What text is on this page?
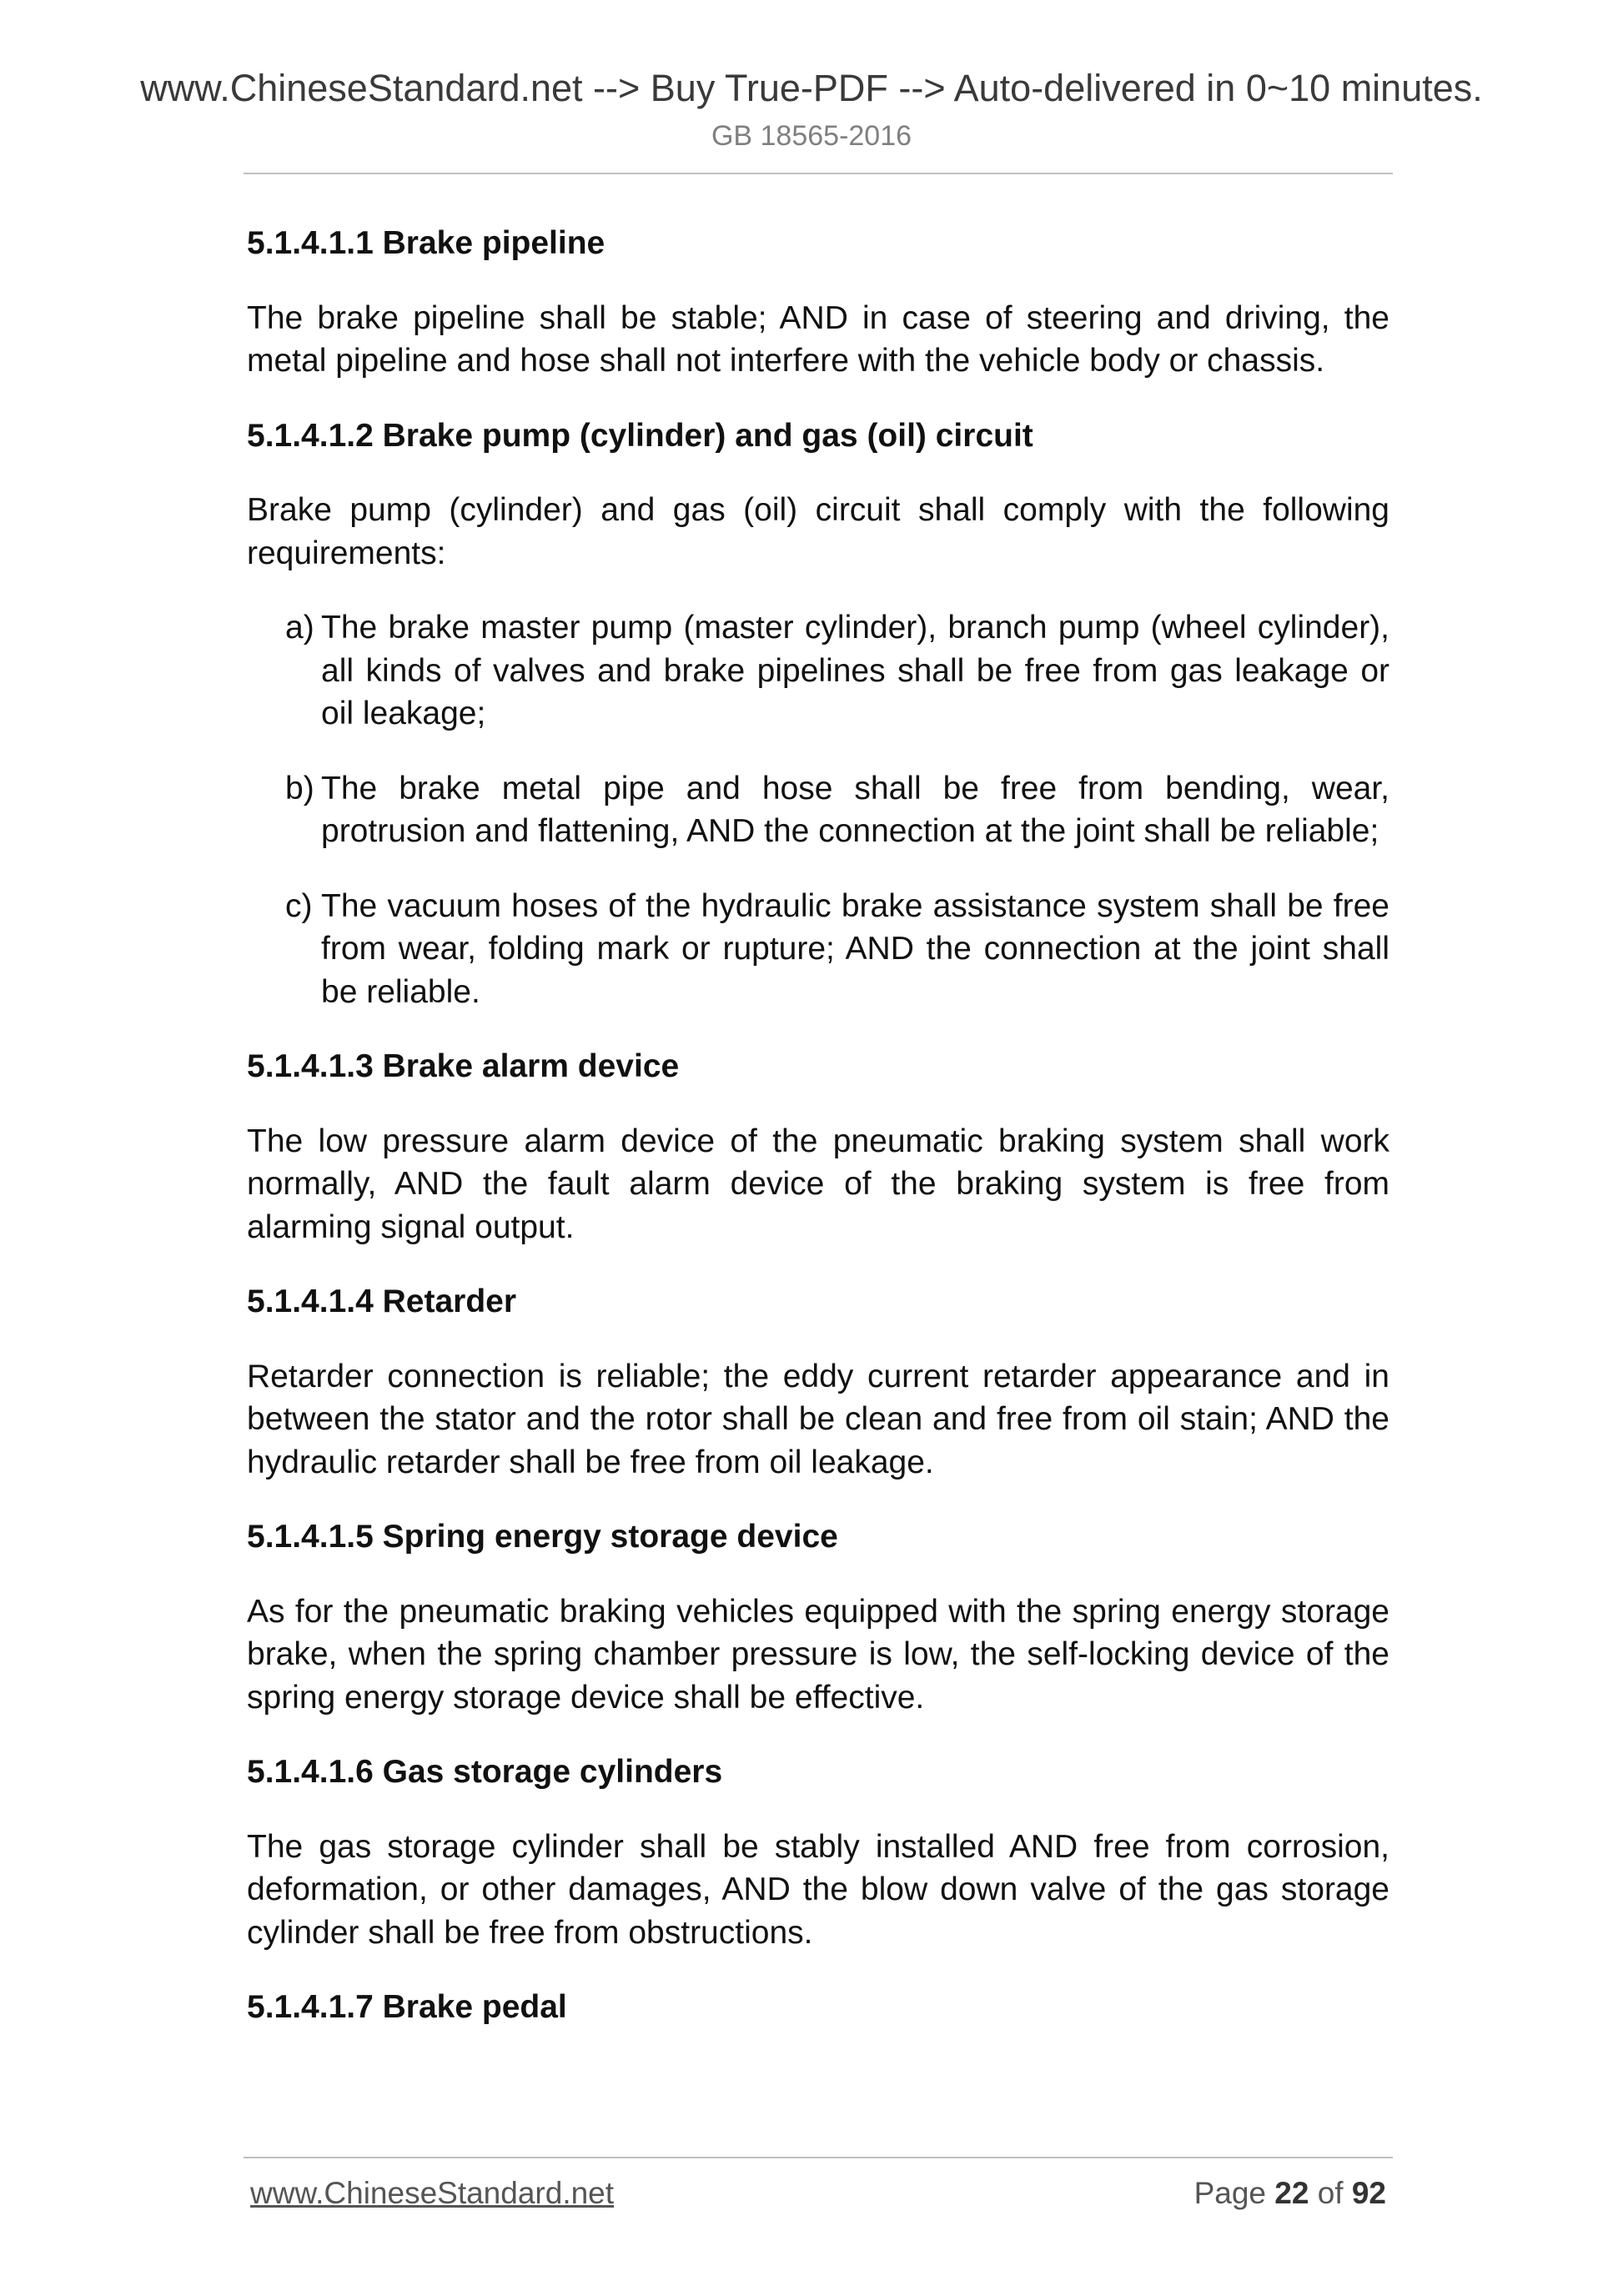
www.ChineseStandard.net --> Buy True-PDF --> Auto-delivered in 0~10 minutes.
GB 18565-2016
5.1.4.1.1 Brake pipeline
The brake pipeline shall be stable; AND in case of steering and driving, the metal pipeline and hose shall not interfere with the vehicle body or chassis.
5.1.4.1.2 Brake pump (cylinder) and gas (oil) circuit
Brake pump (cylinder) and gas (oil) circuit shall comply with the following requirements:
a) The brake master pump (master cylinder), branch pump (wheel cylinder), all kinds of valves and brake pipelines shall be free from gas leakage or oil leakage;
b) The brake metal pipe and hose shall be free from bending, wear, protrusion and flattening, AND the connection at the joint shall be reliable;
c) The vacuum hoses of the hydraulic brake assistance system shall be free from wear, folding mark or rupture; AND the connection at the joint shall be reliable.
5.1.4.1.3 Brake alarm device
The low pressure alarm device of the pneumatic braking system shall work normally, AND the fault alarm device of the braking system is free from alarming signal output.
5.1.4.1.4 Retarder
Retarder connection is reliable; the eddy current retarder appearance and in between the stator and the rotor shall be clean and free from oil stain; AND the hydraulic retarder shall be free from oil leakage.
5.1.4.1.5 Spring energy storage device
As for the pneumatic braking vehicles equipped with the spring energy storage brake, when the spring chamber pressure is low, the self-locking device of the spring energy storage device shall be effective.
5.1.4.1.6 Gas storage cylinders
The gas storage cylinder shall be stably installed AND free from corrosion, deformation, or other damages, AND the blow down valve of the gas storage cylinder shall be free from obstructions.
5.1.4.1.7 Brake pedal
www.ChineseStandard.net	Page 22 of 92
